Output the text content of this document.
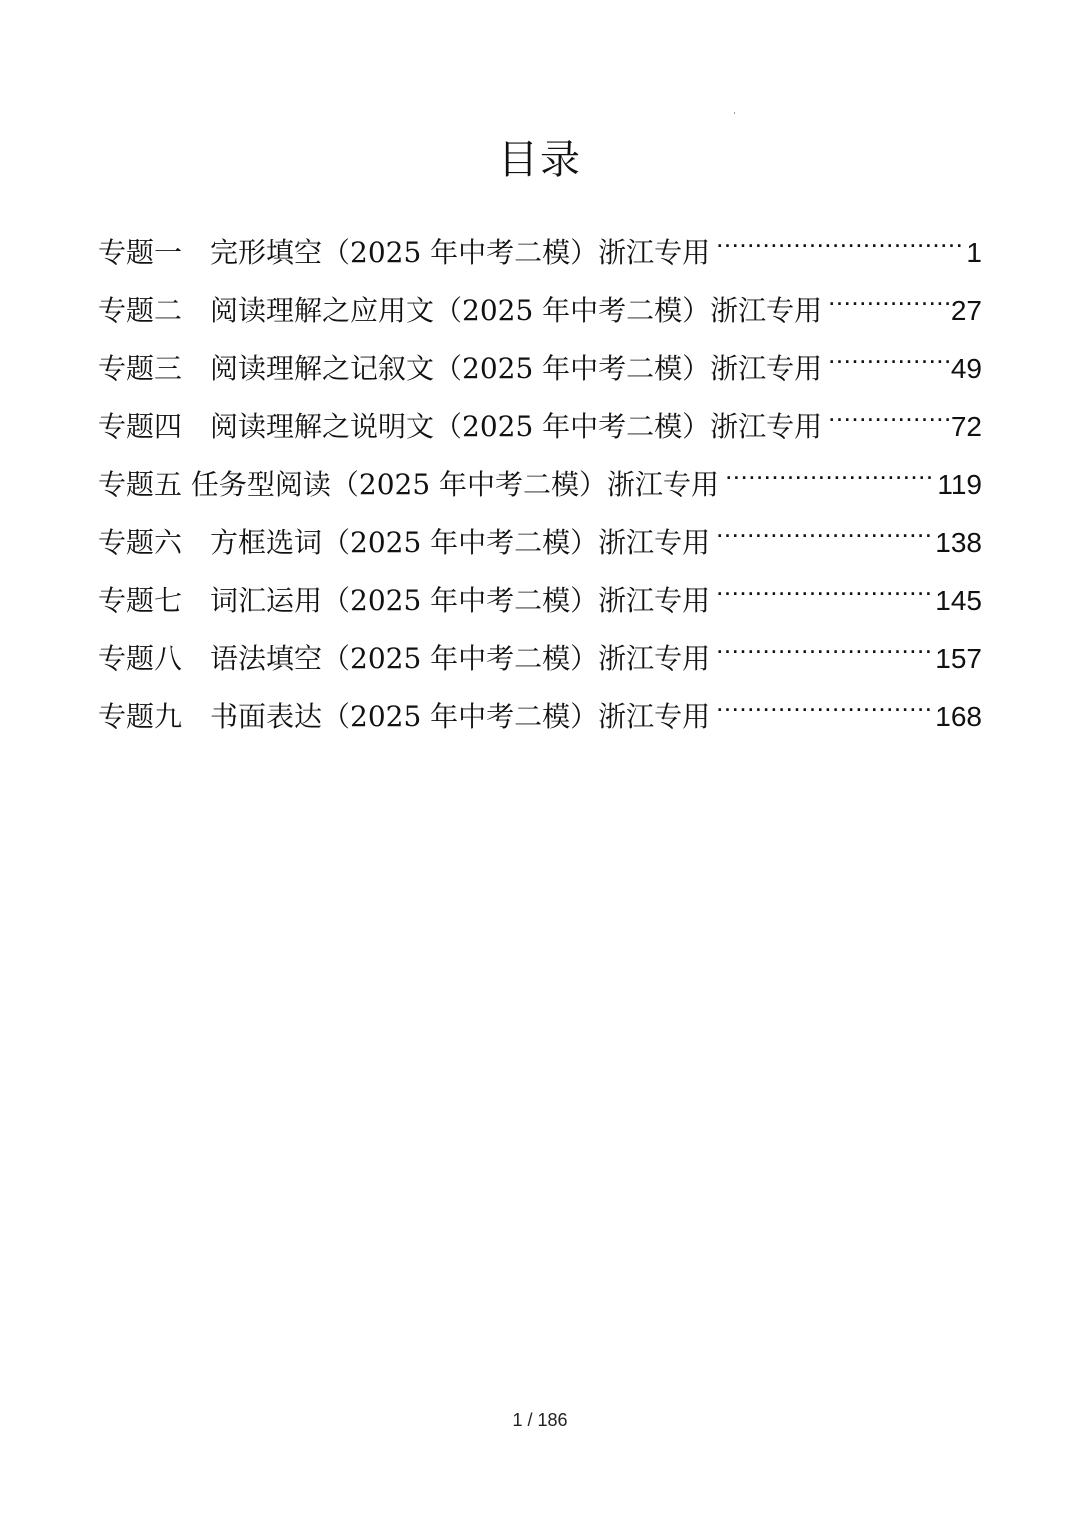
目录
专题一　完形填空（2025 年中考二模）浙江专用 .....	1
专题二　阅读理解之应用文（2025 年中考二模）浙江专用 .....	27
专题三　阅读理解之记叙文（2025 年中考二模）浙江专用 .....	49
专题四　阅读理解之说明文（2025 年中考二模）浙江专用 .....	72
专题五 任务型阅读（2025 年中考二模）浙江专用 .....	119
专题六　方框选词（2025 年中考二模）浙江专用 .....	138
专题七　词汇运用（2025 年中考二模）浙江专用 .....	145
专题八　语法填空（2025 年中考二模）浙江专用 .....	157
专题九　书面表达（2025 年中考二模）浙江专用 .....	168
1 / 186
